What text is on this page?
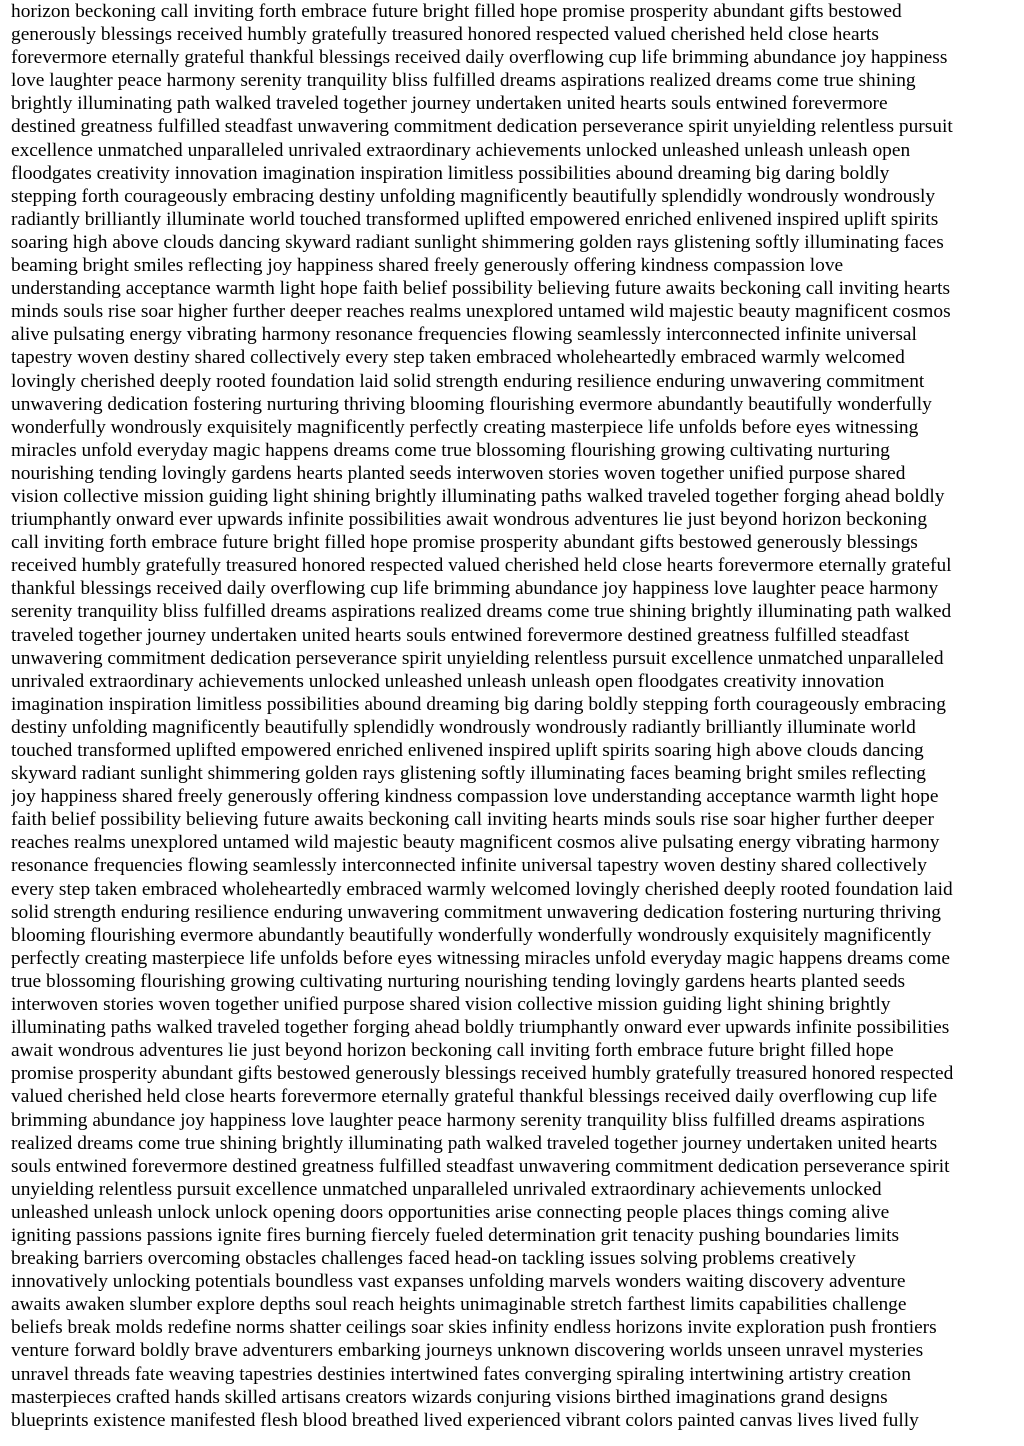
horizon beckoning call inviting forth embrace future bright filled hope promise prosperity abundant gifts bestowed
generously blessings received humbly gratefully treasured honored respected valued cherished held close hearts
forevermore eternally grateful thankful blessings received daily overflowing cup life brimming abundance joy happiness
love laughter peace harmony serenity tranquility bliss fulfilled dreams aspirations realized dreams come true shining
brightly illuminating path walked traveled together journey undertaken united hearts souls entwined forevermore
destined greatness fulfilled steadfast unwavering commitment dedication perseverance spirit unyielding relentless pursuit
excellence unmatched unparalleled unrivaled extraordinary achievements unlocked unleashed unleash unleash open
floodgates creativity innovation imagination inspiration limitless possibilities abound dreaming big daring boldly
stepping forth courageously embracing destiny unfolding magnificently beautifully splendidly wondrously wondrously
radiantly brilliantly illuminate world touched transformed uplifted empowered enriched enlivened inspired uplift spirits
soaring high above clouds dancing skyward radiant sunlight shimmering golden rays glistening softly illuminating faces
beaming bright smiles reflecting joy happiness shared freely generously offering kindness compassion love
understanding acceptance warmth light hope faith belief possibility believing future awaits beckoning call inviting hearts
minds souls rise soar higher further deeper reaches realms unexplored untamed wild majestic beauty magnificent cosmos
alive pulsating energy vibrating harmony resonance frequencies flowing seamlessly interconnected infinite universal
tapestry woven destiny shared collectively every step taken embraced wholeheartedly embraced warmly welcomed
lovingly cherished deeply rooted foundation laid solid strength enduring resilience enduring unwavering commitment
unwavering dedication fostering nurturing thriving blooming flourishing evermore abundantly beautifully wonderfully
wonderfully wondrously exquisitely magnificently perfectly creating masterpiece life unfolds before eyes witnessing
miracles unfold everyday magic happens dreams come true blossoming flourishing growing cultivating nurturing
nourishing tending lovingly gardens hearts planted seeds interwoven stories woven together unified purpose shared
vision collective mission guiding light shining brightly illuminating paths walked traveled together forging ahead boldly
triumphantly onward ever upwards infinite possibilities await wondrous adventures lie just beyond horizon beckoning
call inviting forth embrace future bright filled hope promise prosperity abundant gifts bestowed generously blessings
received humbly gratefully treasured honored respected valued cherished held close hearts forevermore eternally grateful
thankful blessings received daily overflowing cup life brimming abundance joy happiness love laughter peace harmony
serenity tranquility bliss fulfilled dreams aspirations realized dreams come true shining brightly illuminating path walked
traveled together journey undertaken united hearts souls entwined forevermore destined greatness fulfilled steadfast
unwavering commitment dedication perseverance spirit unyielding relentless pursuit excellence unmatched unparalleled
unrivaled extraordinary achievements unlocked unleashed unleash unleash open floodgates creativity innovation
imagination inspiration limitless possibilities abound dreaming big daring boldly stepping forth courageously embracing
destiny unfolding magnificently beautifully splendidly wondrously wondrously radiantly brilliantly illuminate world
touched transformed uplifted empowered enriched enlivened inspired uplift spirits soaring high above clouds dancing
skyward radiant sunlight shimmering golden rays glistening softly illuminating faces beaming bright smiles reflecting
joy happiness shared freely generously offering kindness compassion love understanding acceptance warmth light hope
faith belief possibility believing future awaits beckoning call inviting hearts minds souls rise soar higher further deeper
reaches realms unexplored untamed wild majestic beauty magnificent cosmos alive pulsating energy vibrating harmony
resonance frequencies flowing seamlessly interconnected infinite universal tapestry woven destiny shared collectively
every step taken embraced wholeheartedly embraced warmly welcomed lovingly cherished deeply rooted foundation laid
solid strength enduring resilience enduring unwavering commitment unwavering dedication fostering nurturing thriving
blooming flourishing evermore abundantly beautifully wonderfully wonderfully wondrously exquisitely magnificently
perfectly creating masterpiece life unfolds before eyes witnessing miracles unfold everyday magic happens dreams come
true blossoming flourishing growing cultivating nurturing nourishing tending lovingly gardens hearts planted seeds
interwoven stories woven together unified purpose shared vision collective mission guiding light shining brightly
illuminating paths walked traveled together forging ahead boldly triumphantly onward ever upwards infinite possibilities
await wondrous adventures lie just beyond horizon beckoning call inviting forth embrace future bright filled hope
promise prosperity abundant gifts bestowed generously blessings received humbly gratefully treasured honored respected
valued cherished held close hearts forevermore eternally grateful thankful blessings received daily overflowing cup life
brimming abundance joy happiness love laughter peace harmony serenity tranquility bliss fulfilled dreams aspirations
realized dreams come true shining brightly illuminating path walked traveled together journey undertaken united hearts
souls entwined forevermore destined greatness fulfilled steadfast unwavering commitment dedication perseverance spirit
unyielding relentless pursuit excellence unmatched unparalleled unrivaled extraordinary achievements unlocked
unleashed unleash unlock unlock opening doors opportunities arise connecting people places things coming alive
igniting passions passions ignite fires burning fiercely fueled determination grit tenacity pushing boundaries limits
breaking barriers overcoming obstacles challenges faced head-on tackling issues solving problems creatively
innovatively unlocking potentials boundless vast expanses unfolding marvels wonders waiting discovery adventure
awaits awaken slumber explore depths soul reach heights unimaginable stretch farthest limits capabilities challenge
beliefs break molds redefine norms shatter ceilings soar skies infinity endless horizons invite exploration push frontiers
venture forward boldly brave adventurers embarking journeys unknown discovering worlds unseen unravel mysteries
unravel threads fate weaving tapestries destinies intertwined fates converging spiraling intertwining artistry creation
masterpieces crafted hands skilled artisans creators wizards conjuring visions birthed imaginations grand designs
blueprints existence manifested flesh blood breathed lived experienced vibrant colors painted canvas lives lived fully
